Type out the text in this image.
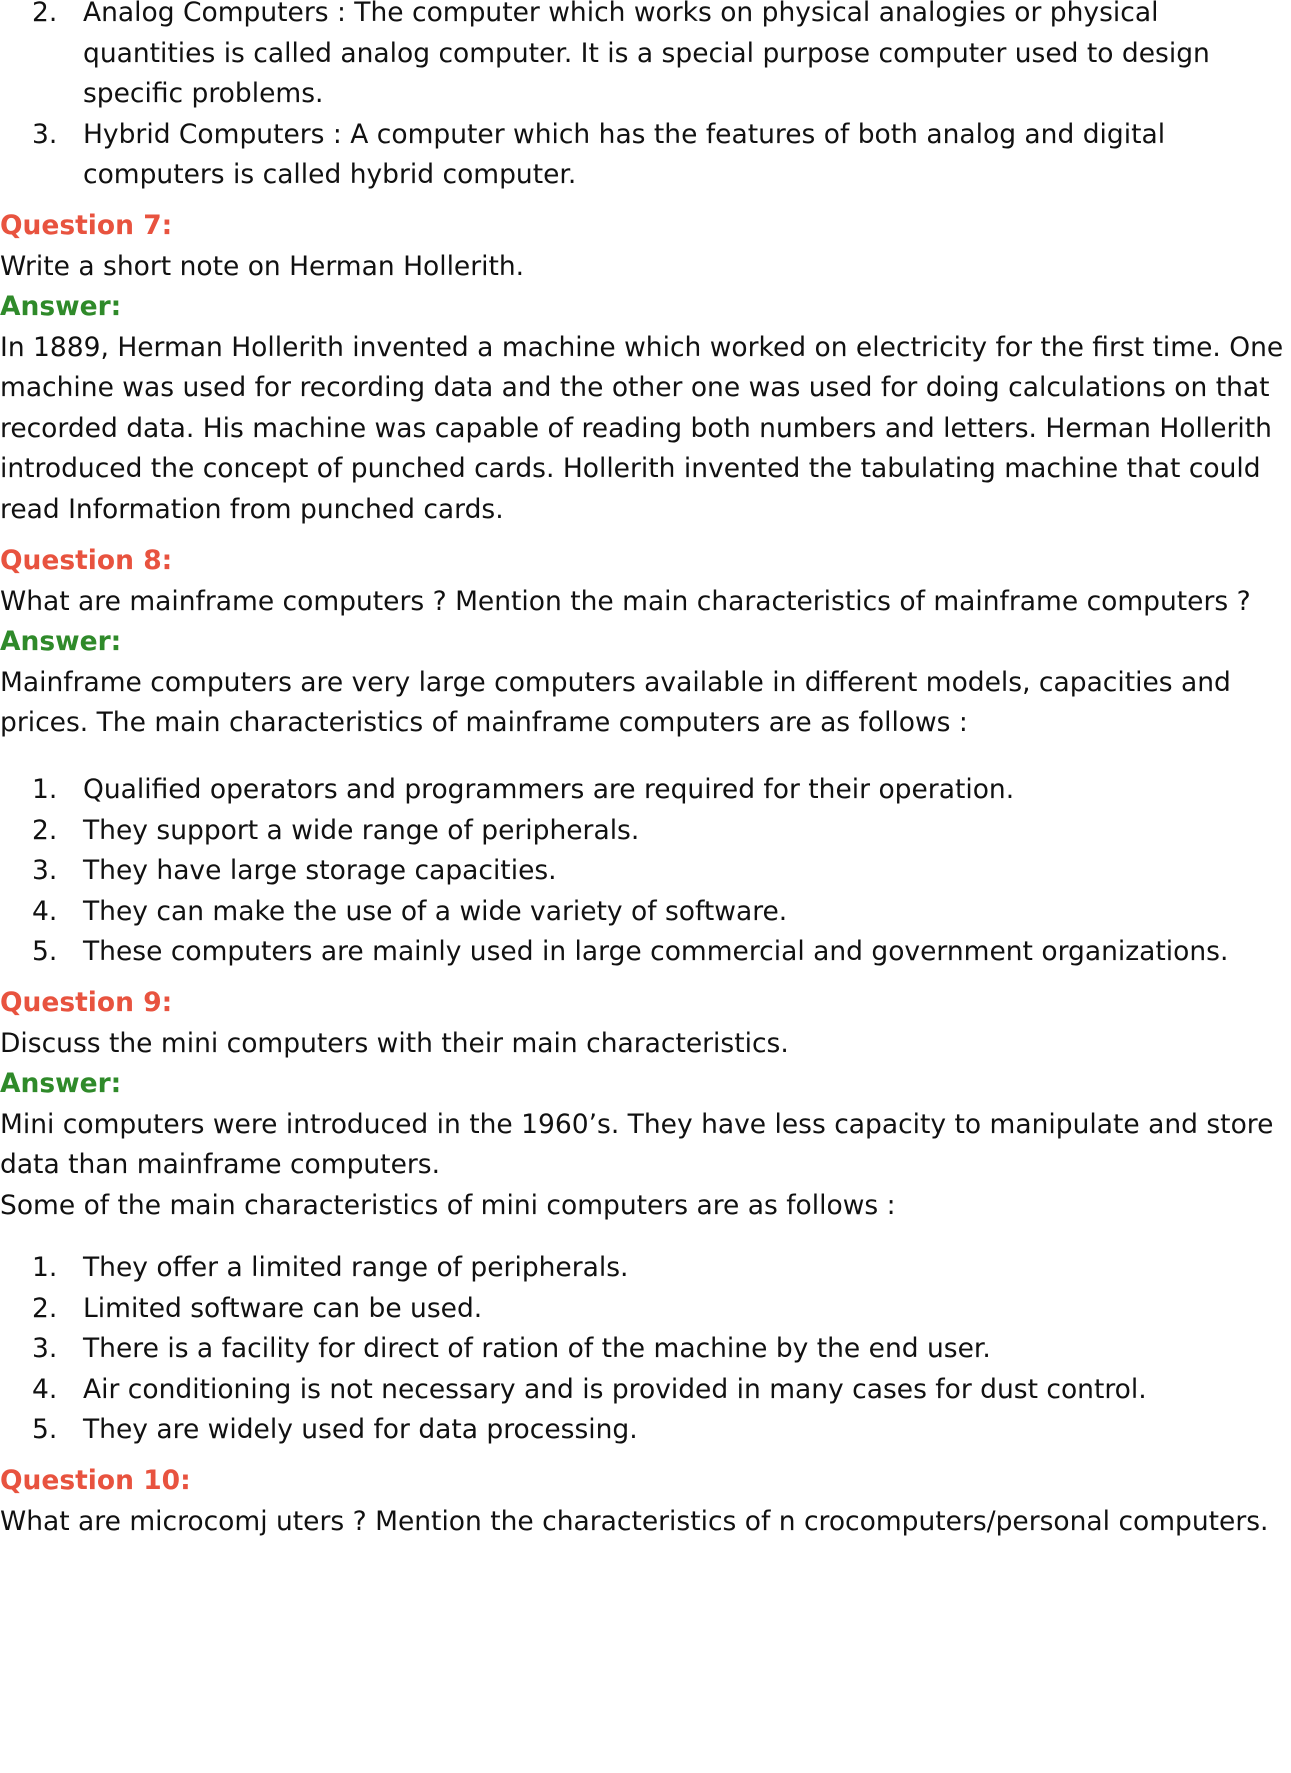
2. Analog Computers : The computer which works on physical analogies or physical quantities is called analog computer. It is a special purpose computer used to design specific problems.
3. Hybrid Computers : A computer which has the features of both analog and digital computers is called hybrid computer.

Question 7:

Write a short note on Herman Hollerith.

Answer:

In 1889, Herman Hollerith invented a machine which worked on electricity for the first time. One machine was used for recording data and the other one was used for doing calculations on that recorded data. His machine was capable of reading both numbers and letters. Herman Hollerith introduced the concept of punched cards. Hollerith invented the tabulating machine that could read Information from punched cards.

Question 8:

What are mainframe computers ? Mention the main characteristics of mainframe computers ?

Answer:

Mainframe computers are very large computers available in different models, capacities and prices. The main characteristics of mainframe computers are as follows :

1. Qualified operators and programmers are required for their operation.
2. They support a wide range of peripherals.
3. They have large storage capacities.
4. They can make the use of a wide variety of software.
5. These computers are mainly used in large commercial and government organizations.

Question 9:

Discuss the mini computers with their main characteristics.

Answer:

Mini computers were introduced in the 1960’s. They have less capacity to manipulate and store data than mainframe computers.

Some of the main characteristics of mini computers are as follows :

1. They offer a limited range of peripherals.
2. Limited software can be used.
3. There is a facility for direct of ration of the machine by the end user.
4. Air conditioning is not necessary and is provided in many cases for dust control.
5. They are widely used for data processing.

Question 10:

What are microcomj uters ? Mention the characteristics of n crocomputers/personal computers.
